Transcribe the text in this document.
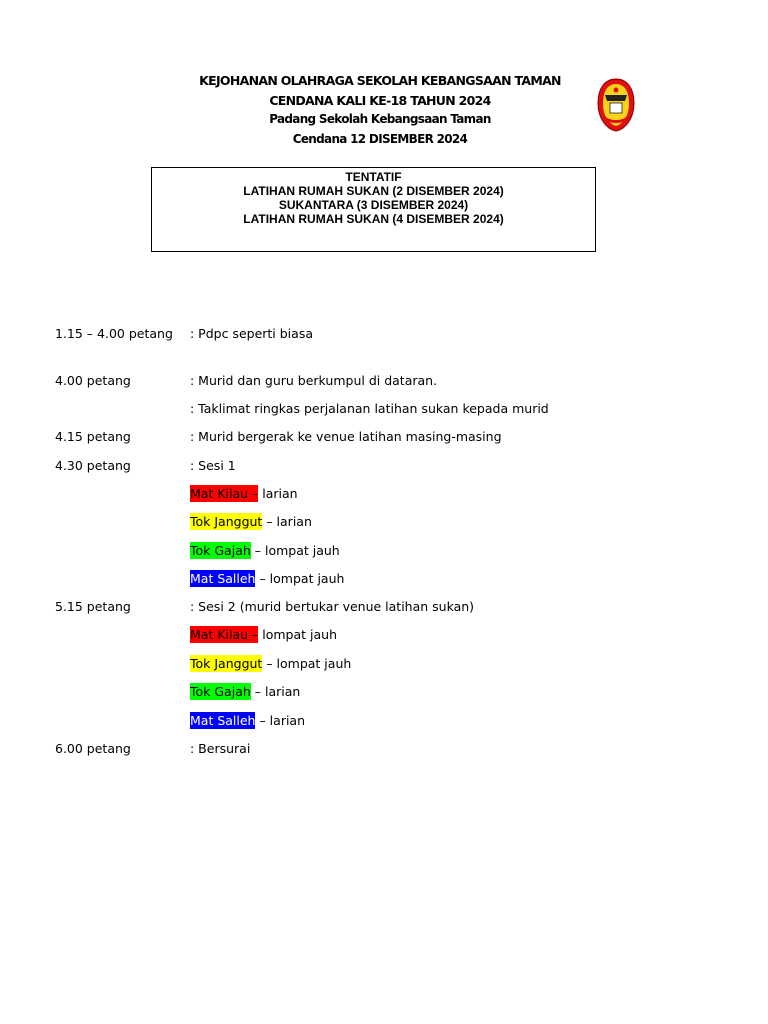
KEJOHANAN OLAHRAGA SEKOLAH KEBANGSAAN TAMAN
CENDANA KALI KE-18 TAHUN 2024
Padang Sekolah Kebangsaan Taman
Cendana 12 DISEMBER 2024
TENTATIF
LATIHAN RUMAH SUKAN (2 DISEMBER 2024)
SUKANTARA (3 DISEMBER 2024)
LATIHAN RUMAH SUKAN (4 DISEMBER 2024)
1.15 – 4.00 petang : Pdpc seperti biasa
4.00 petang	: Murid dan guru berkumpul di dataran.
: Taklimat ringkas perjalanan latihan sukan kepada murid
4.15 petang	: Murid bergerak ke venue latihan masing-masing
4.30 petang	: Sesi 1
Mat Kilau – larian
Tok Janggut – larian
Tok Gajah – lompat jauh
Mat Salleh – lompat jauh
5.15 petang	: Sesi 2 (murid bertukar venue latihan sukan)
Mat Kilau – lompat jauh
Tok Janggut – lompat jauh
Tok Gajah – larian
Mat Salleh – larian
6.00 petang	: Bersurai
